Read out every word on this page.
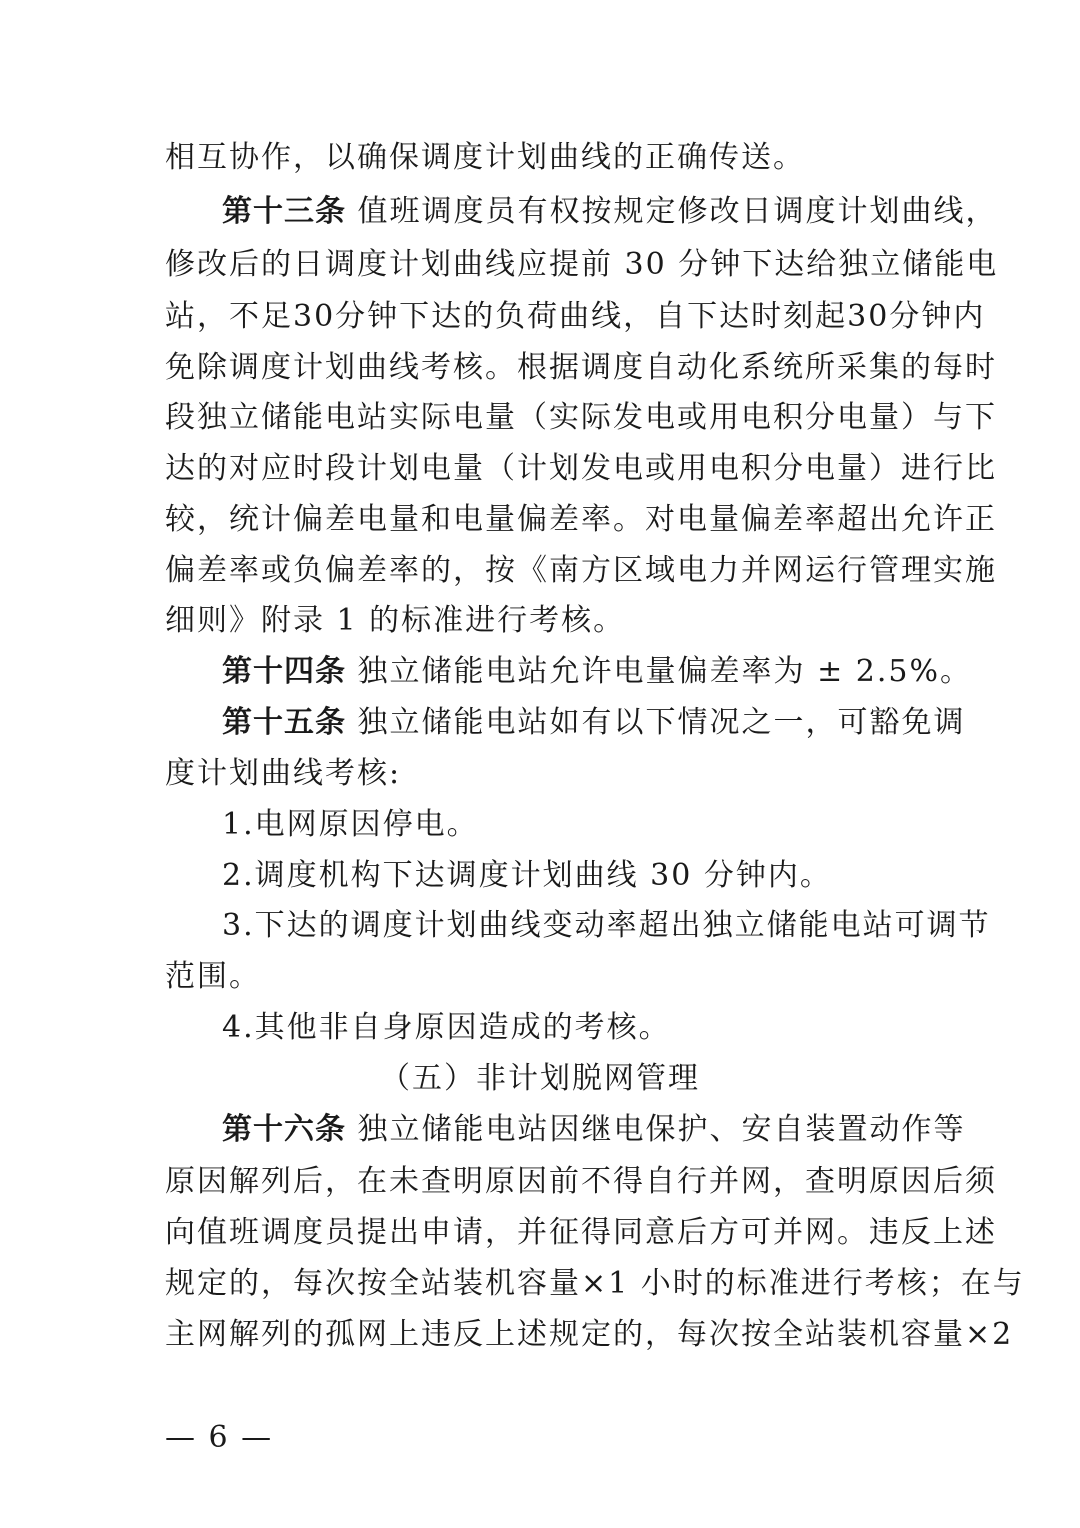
相互协作，以确保调度计划曲线的正确传送。
第十三条 值班调度员有权按规定修改日调度计划曲线，
修改后的日调度计划曲线应提前 30 分钟下达给独立储能电
站，不足30分钟下达的负荷曲线，自下达时刻起30分钟内
免除调度计划曲线考核。根据调度自动化系统所采集的每时
段独立储能电站实际电量（实际发电或用电积分电量）与下
达的对应时段计划电量（计划发电或用电积分电量）进行比
较，统计偏差电量和电量偏差率。对电量偏差率超出允许正
偏差率或负偏差率的，按《南方区域电力并网运行管理实施
细则》附录 1 的标准进行考核。
第十四条 独立储能电站允许电量偏差率为 ± 2.5%。
第十五条 独立储能电站如有以下情况之一，可豁免调
度计划曲线考核:
1.电网原因停电。
2.调度机构下达调度计划曲线 30 分钟内。
3.下达的调度计划曲线变动率超出独立储能电站可调节
范围。
4.其他非自身原因造成的考核。
（五）非计划脱网管理
第十六条 独立储能电站因继电保护、安自装置动作等
原因解列后，在未查明原因前不得自行并网，查明原因后须
向值班调度员提出申请，并征得同意后方可并网。违反上述
规定的，每次按全站装机容量×1 小时的标准进行考核；在与
主网解列的孤网上违反上述规定的，每次按全站装机容量×2
— 6 —
